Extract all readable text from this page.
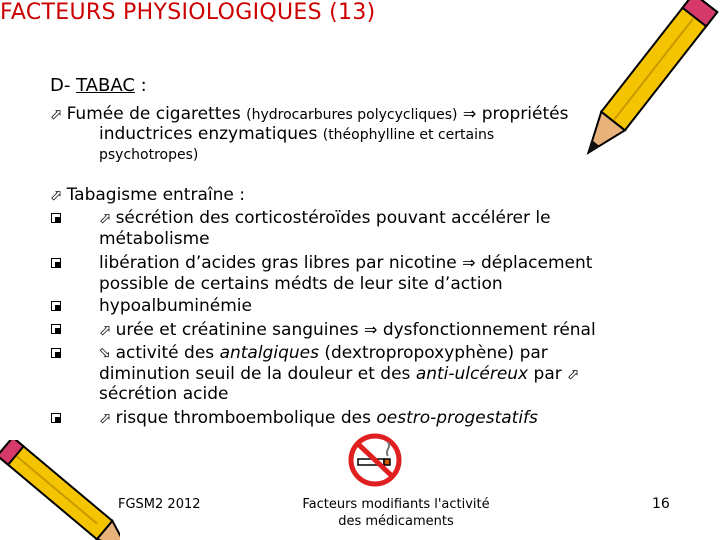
FACTEURS PHYSIOLOGIQUES (13)
D- TABAC :
⇨Fumée de cigarettes (hydrocarbures polycycliques) ⇒ propriétés
inductrices enzymatiques (théophylline et certains
psychotropes)
⇨Tabagisme entraîne :
⇨sécrétion des corticostéroïdes pouvant accélérer le
métabolisme
libération d’acides gras libres par nicotine ⇒ déplacement
possible de certains médts de leur site d’action
hypoalbuminémie
⇨urée et créatinine sanguines ⇒ dysfonctionnement rénal
⇨activité des antalgiques (dextropropoxyphène) par
diminution seuil de la douleur et des anti-ulcéreux par ⇨
sécrétion acide
⇨risque thromboembolique des oestro-progestatifs
FGSM2 2012	Facteurs modifiants l'activité
des médicaments
16
